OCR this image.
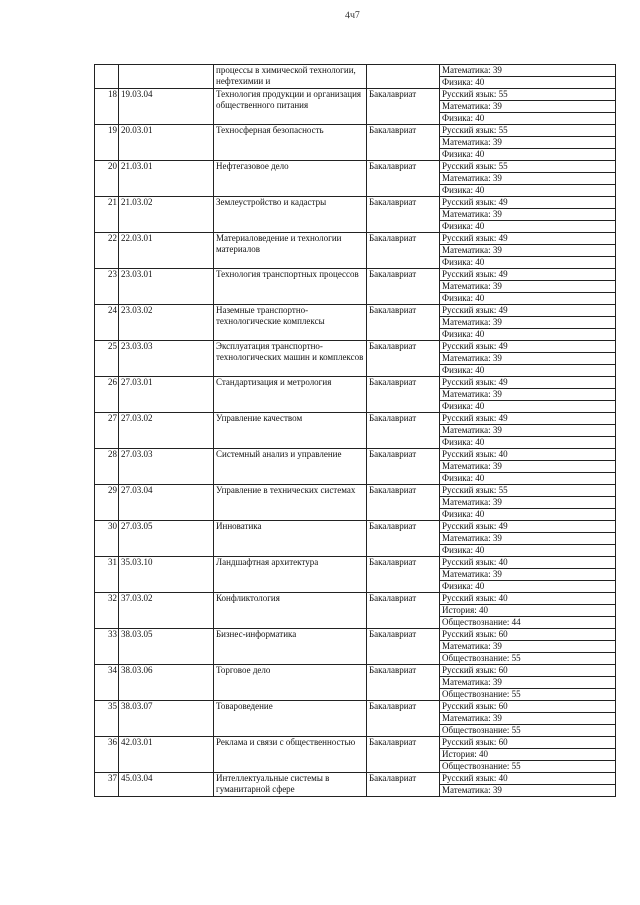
4ч7
		процессы в химической технологии, нефтехимии и		Математика: 39
				Физика: 40
18	19.03.04	Технология продукции и организация общественного питания	Бакалавриат	Русский язык: 55
				Математика: 39
				Физика: 40
19	20.03.01	Техносферная безопасность	Бакалавриат	Русский язык: 55
				Математика: 39
				Физика: 40
20	21.03.01	Нефтегазовое дело	Бакалавриат	Русский язык: 55
				Математика: 39
				Физика: 40
21	21.03.02	Землеустройство и кадастры	Бакалавриат	Русский язык: 49
				Математика: 39
				Физика: 40
22	22.03.01	Материаловедение и технологии материалов	Бакалавриат	Русский язык: 49
				Математика: 39
				Физика: 40
23	23.03.01	Технология транспортных процессов	Бакалавриат	Русский язык: 49
				Математика: 39
				Физика: 40
24	23.03.02	Наземные транспортно-технологические комплексы	Бакалавриат	Русский язык: 49
				Математика: 39
				Физика: 40
25	23.03.03	Эксплуатация транспортно-технологических машин и комплексов	Бакалавриат	Русский язык: 49
				Математика: 39
				Физика: 40
26	27.03.01	Стандартизация и метрология	Бакалавриат	Русский язык: 49
				Математика: 39
				Физика: 40
27	27.03.02	Управление качеством	Бакалавриат	Русский язык: 49
				Математика: 39
				Физика: 40
28	27.03.03	Системный анализ и управление	Бакалавриат	Русский язык: 40
				Математика: 39
				Физика: 40
29	27.03.04	Управление в технических системах	Бакалавриат	Русский язык: 55
				Математика: 39
				Физика: 40
30	27.03.05	Инноватика	Бакалавриат	Русский язык: 49
				Математика: 39
				Физика: 40
31	35.03.10	Ландшафтная архитектура	Бакалавриат	Русский язык: 40
				Математика: 39
				Физика: 40
32	37.03.02	Конфликтология	Бакалавриат	Русский язык: 40
				История: 40
				Обществознание: 44
33	38.03.05	Бизнес-информатика	Бакалавриат	Русский язык: 60
				Математика: 39
				Обществознание: 55
34	38.03.06	Торговое дело	Бакалавриат	Русский язык: 60
				Математика: 39
				Обществознание: 55
35	38.03.07	Товароведение	Бакалавриат	Русский язык: 60
				Математика: 39
				Обществознание: 55
36	42.03.01	Реклама и связи с общественностью	Бакалавриат	Русский язык: 60
				История: 40
				Обществознание: 55
37	45.03.04	Интеллектуальные системы в гуманитарной сфере	Бакалавриат	Русский язык: 40
				Математика: 39
